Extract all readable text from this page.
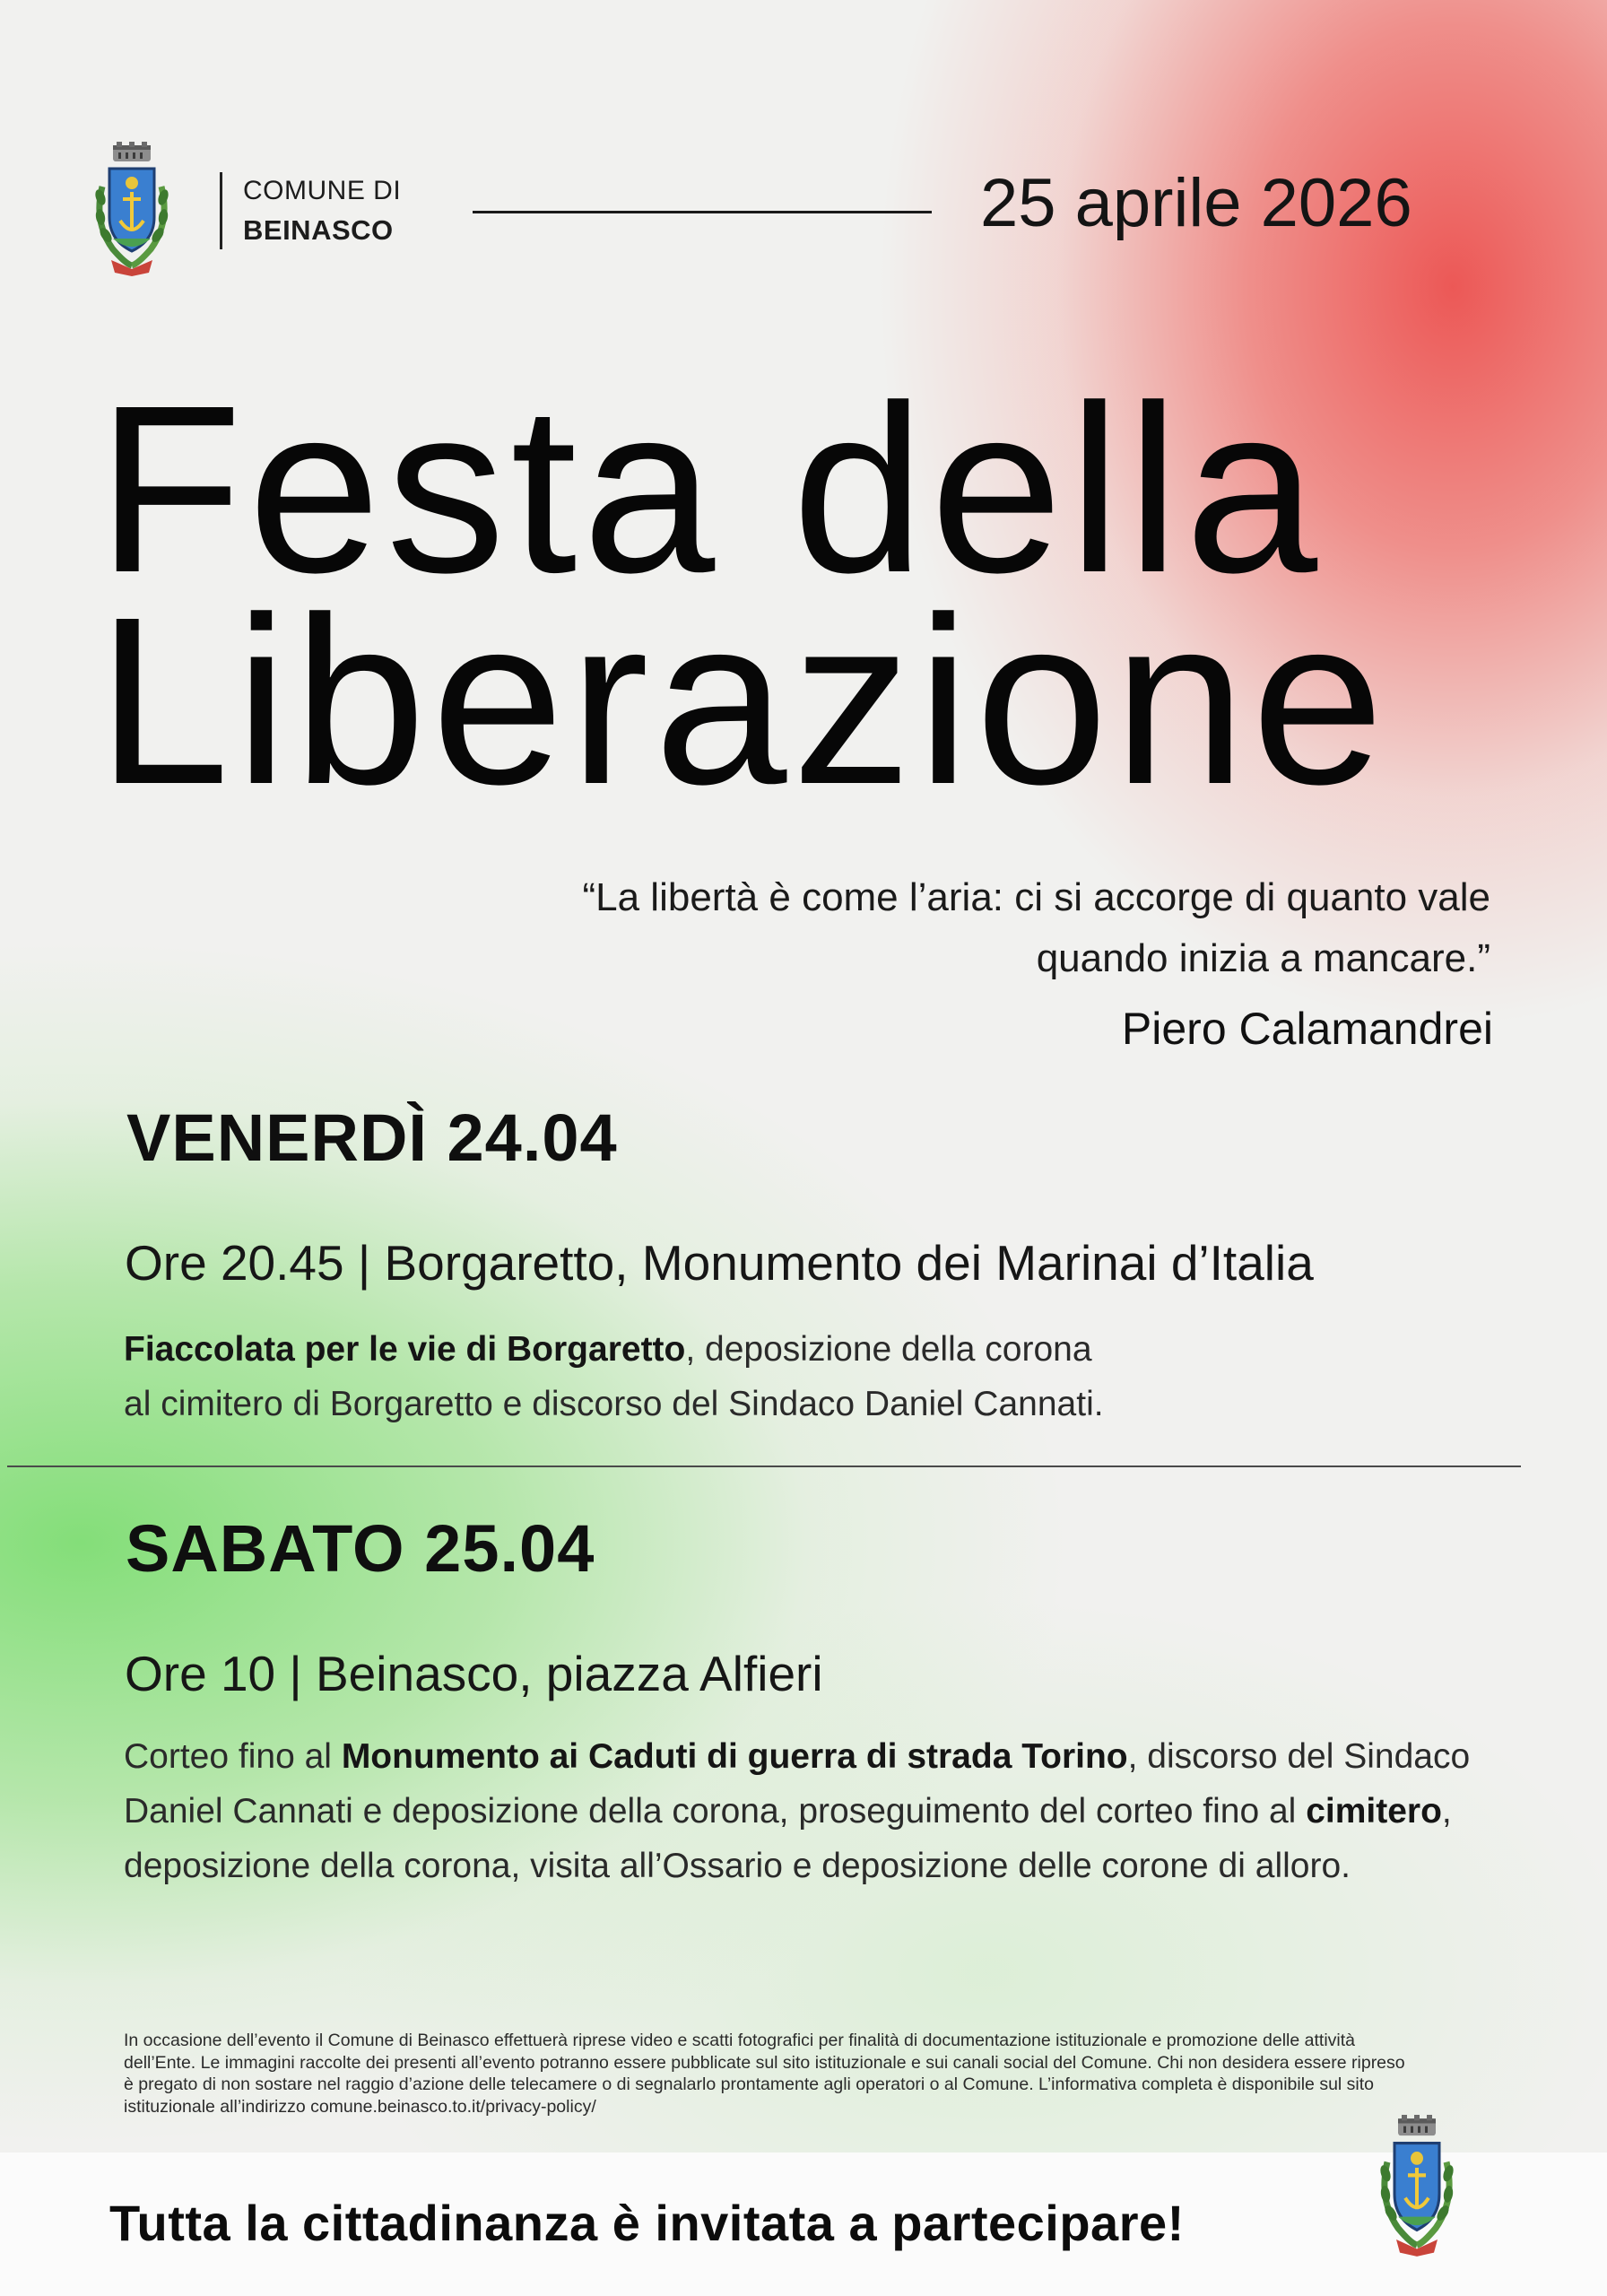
COMUNE DI
BEINASCO	25 aprile 2026
Festa della
Liberazione
“La libertà è come l’aria: ci si accorge di quanto vale
quando inizia a mancare.”
Piero Calamandrei
VENERDÌ 24.04
Ore 20.45 | Borgaretto, Monumento dei Marinai d’Italia
Fiaccolata per le vie di Borgaretto, deposizione della corona
al cimitero di Borgaretto e discorso del Sindaco Daniel Cannati.
SABATO 25.04
Ore 10 | Beinasco, piazza Alfieri
Corteo fino al Monumento ai Caduti di guerra di strada Torino, discorso del Sindaco Daniel Cannati e deposizione della corona, proseguimento del corteo fino al cimitero, deposizione della corona, visita all’Ossario e deposizione delle corone di alloro.
In occasione dell’evento il Comune di Beinasco effettuerà riprese video e scatti fotografici per finalità di documentazione istituzionale e promozione delle attività dell’Ente. Le immagini raccolte dei presenti all’evento potranno essere pubblicate sul sito istituzionale e sui canali social del Comune. Chi non desidera essere ripreso è pregato di non sostare nel raggio d’azione delle telecamere o di segnalarlo prontamente agli operatori o al Comune. L’informativa completa è disponibile sul sito istituzionale all’indirizzo comune.beinasco.to.it/privacy-policy/
Tutta la cittadinanza è invitata a partecipare!
